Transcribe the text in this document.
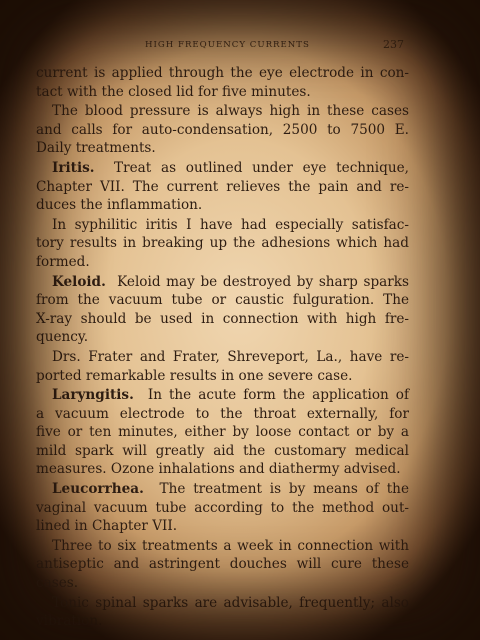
HIGH FREQUENCY CURRENTS	237
current is applied through the eye electrode in con-
tact with the closed lid for five minutes.
The blood pressure is always high in these cases
and calls for auto-condensation, 2500 to 7500 E.
Daily treatments.
Iritis. Treat as outlined under eye technique,
Chapter VII. The current relieves the pain and re-
duces the inflammation.
In syphilitic iritis I have had especially satisfac-
tory results in breaking up the adhesions which had
formed.
Keloid. Keloid may be destroyed by sharp sparks
from the vacuum tube or caustic fulguration. The
X-ray should be used in connection with high fre-
quency.
Drs. Frater and Frater, Shreveport, La., have re-
ported remarkable results in one severe case.
Laryngitis. In the acute form the application of
a vacuum electrode to the throat externally, for
five or ten minutes, either by loose contact or by a
mild spark will greatly aid the customary medical
measures. Ozone inhalations and diathermy advised.
Leucorrhea. The treatment is by means of the
vaginal vacuum tube according to the method out-
lined in Chapter VII.
Three to six treatments a week in connection with
antiseptic and astringent douches will cure these
cases.
Tonic spinal sparks are advisable, frequently; also
vibration.
